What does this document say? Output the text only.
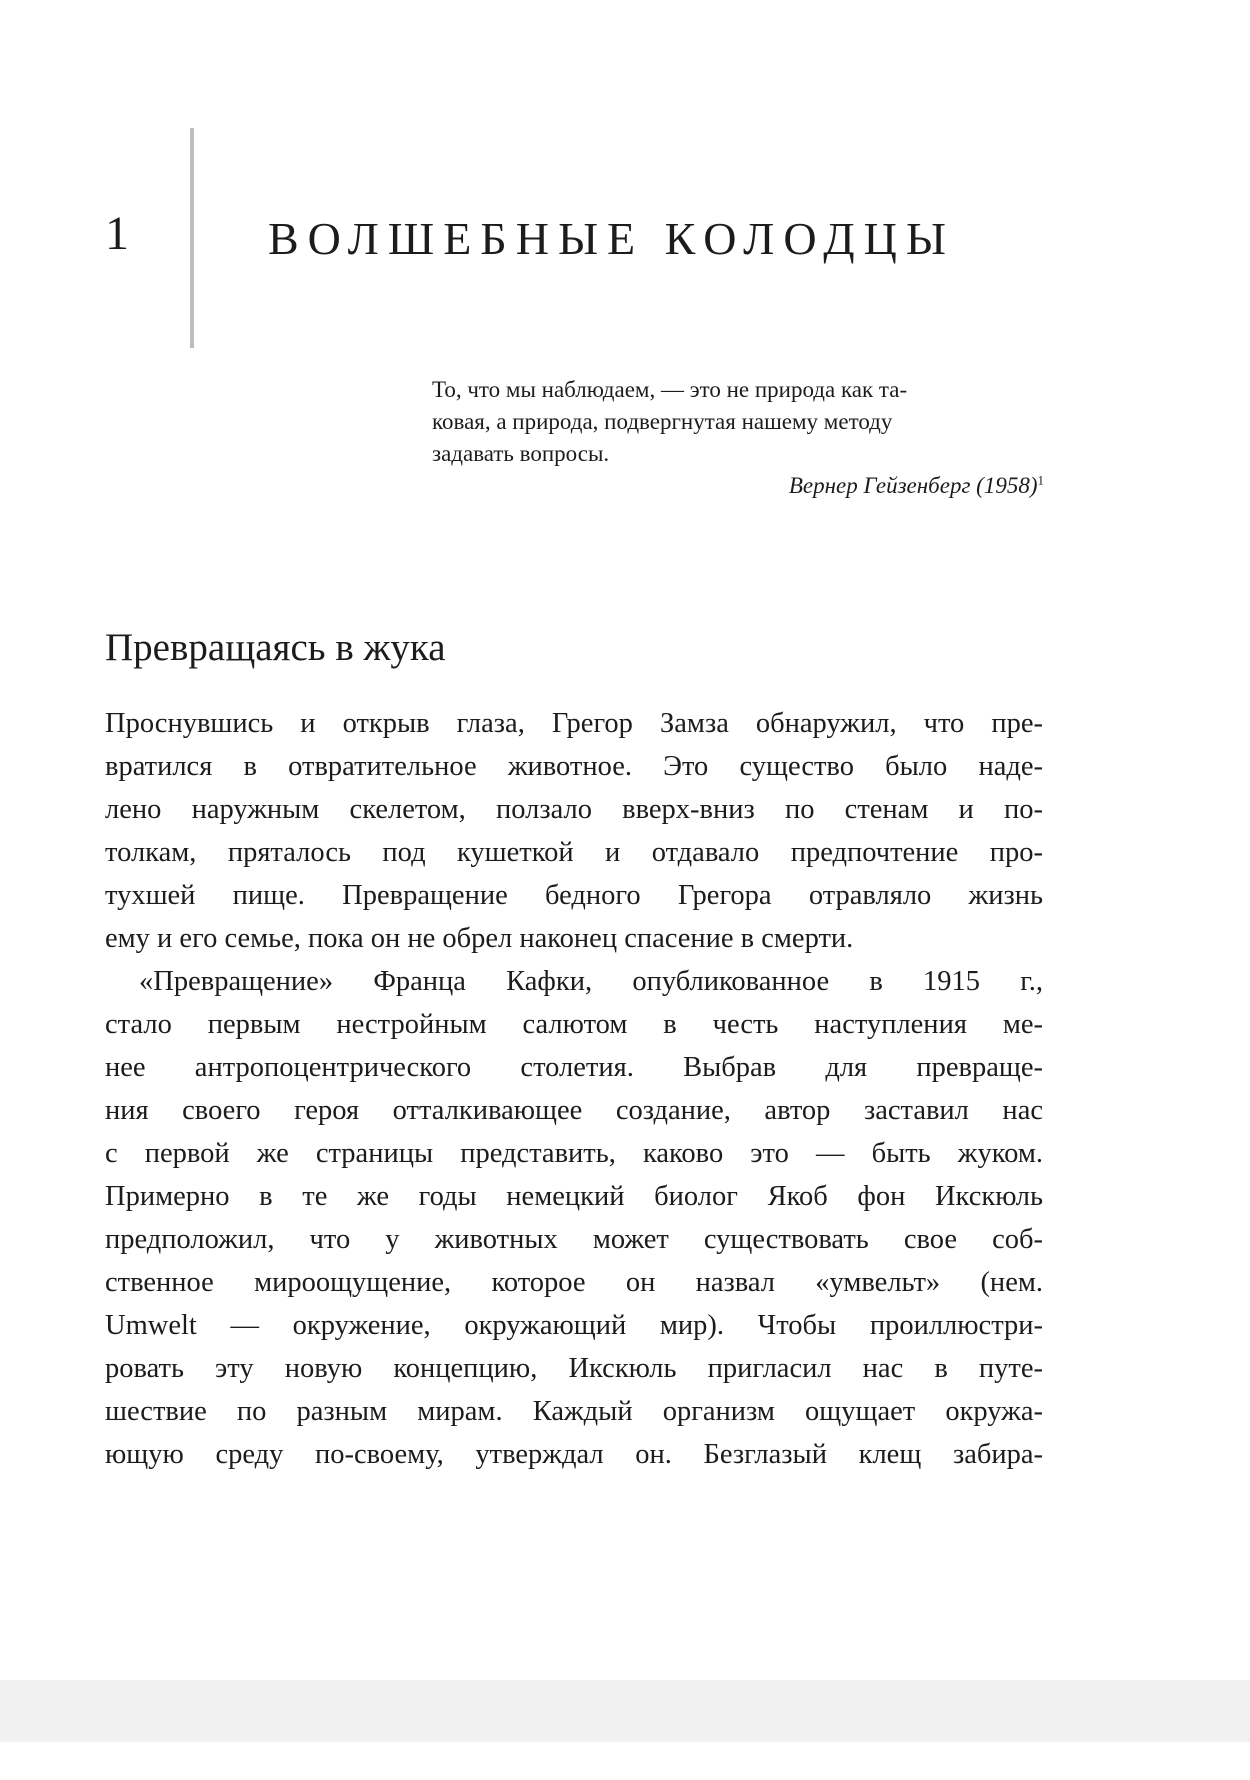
1	ВОЛШЕБНЫЕ КОЛОДЦЫ

То, что мы наблюдаем, — это не природа как та-

ковая, а природа, подвергнутая нашему методу

задавать вопросы.

Вернер Гейзенберг $(1958)^1$

Превращаясь в жука
Проснувшись и открыв глаза, Грегор Замза обнаружил, что пре-
вратился в отвратительное животное. Это существо было наде-
лено наружным скелетом, ползало вверх-вниз по стенам и по-
толкам, пряталось под кушеткой и отдавало предпочтение про-
тухшей пище. Превращение бедного Грегора отравляло жизнь
ему и его семье, пока он не обрел наконец спасение в смерти.
«Превращение» Франца Кафки, опубликованное в 1915 г.,
стало первым нестройным салютом в честь наступления ме-
нее антропоцентрического столетия. Выбрав для превраще-
ния своего героя отталкивающее создание, автор заставил нас
с первой же страницы представить, каково это — быть жуком.
Примерно в те же годы немецкий биолог Якоб фон Икскюль
предположил, что у животных может существовать свое соб-
ственное мироощущение, которое он назвал «умвельт» (нем.
Umwelt — окружение, окружающий мир). Чтобы проиллюстри-
ровать эту новую концепцию, Икскюль пригласил нас в путе-
шествие по разным мирам. Каждый организм ощущает окружа-
ющую среду по-своему, утверждал он. Безглазый клещ забира-
